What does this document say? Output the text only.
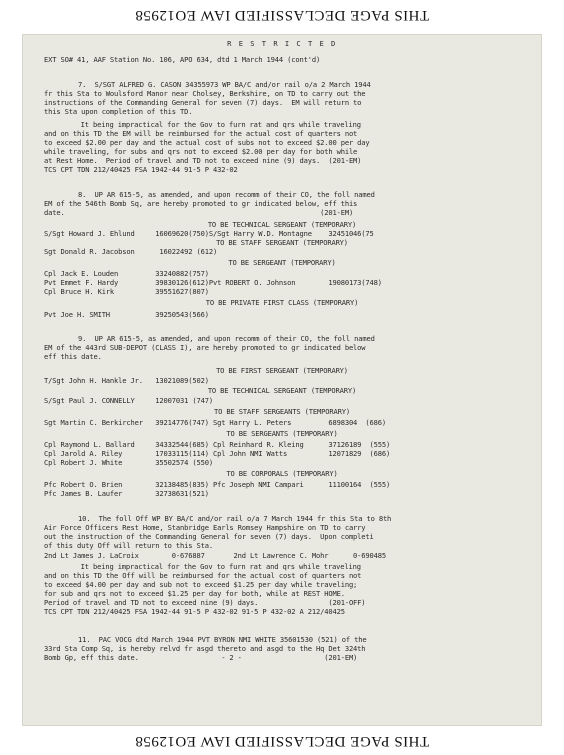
THIS PAGE DECLASSIFIED IAW EO12958
R E S T R I C T E D
EXT SO# 41, AAF Station No. 106, APO 634, dtd 1 March 1944 (cont'd)
7.  S/SGT ALFRED G. CASON 34355973 WP BA/C and/or rail o/a 2 March 1944
fr this Sta to Woulsford Manor near Cholsey, Berkshire, on TD to carry out the
instructions of the Commanding General for seven (7) days.  EM will return to
this Sta upon completion of this TD.
It being impractical for the Gov to furn rat and qrs while traveling
and on this TD the EM will be reimbursed for the actual cost of quarters not
to exceed $2.00 per day and the actual cost of subs not to exceed $2.00 per day
while traveling, for subs and qrs not to exceed $2.00 per day for both while
at Rest Home.  Period of travel and TD not to exceed nine (9) days.  (201-EM)
TCS CPT TDN 212/40425 FSA 1942-44 91-5 P 432-02
8.  UP AR 615-5, as amended, and upon recomm of their CO, the foll named
EM of the 546th Bomb Sq, are hereby promoted to gr indicated below, eff this
date.                                                              (201-EM)
TO BE TECHNICAL SERGEANT (TEMPORARY)
S/Sgt Howard J. Ehlund     16069620(750)S/Sgt Harry W.D. Montagne    32451046(75
TO BE STAFF SERGEANT (TEMPORARY)
Sgt Donald R. Jacobson      16022492 (612)
TO BE SERGEANT (TEMPORARY)
Cpl Jack E. Louden         33240882(757)
Pvt Emmet F. Hardy         39830126(612)Pvt ROBERT O. Johnson        19080173(748)
Cpl Bruce H. Kirk          39551627(807)
TO BE PRIVATE FIRST CLASS (TEMPORARY)
Pvt Joe H. SMITH           39250543(566)
9.  UP AR 615-5, as amended, and upon recomm of their CO, the foll named
EM of the 443rd SUB-DEPOT (CLASS I), are hereby promoted to gr indicated below
eff this date.
TO BE FIRST SERGEANT (TEMPORARY)
T/Sgt John H. Hankle Jr.   13021089(502)
TO BE TECHNICAL SERGEANT (TEMPORARY)
S/Sgt Paul J. CONNELLY     12007031 (747)
TO BE STAFF SERGEANTS (TEMPORARY)
Sgt Martin C. Berkircher   39214776(747) Sgt Harry L. Peters         6898304  (686)
TO BE SERGEANTS (TEMPORARY)
Cpl Raymond L. Ballard     34332544(685) Cpl Reinhard R. Kleing      37126189  (555)
Cpl Jarold A. Riley        17033115(114) Cpl John NMI Watts          12071829  (686)
Cpl Robert J. White        35502574 (550)
TO BE CORPORALS (TEMPORARY)
Pfc Robert O. Brien        32138485(835) Pfc Joseph NMI Campari      11100164  (555)
Pfc James B. Laufer        32738631(521)
10.  The foll Off WP BY BA/C and/or rail o/a 7 March 1944 fr this Sta to 8th
Air Force Officers Rest Home, Stanbridge Earls Romsey Hampshire on TD to carry
out the instruction of the Commanding General for seven (7) days.  Upon completi
of this duty Off will return to this Sta.
2nd Lt James J. LaCroix        0-676887       2nd Lt Lawrence C. Mohr      0-690485
It being impractical for the Gov to furn rat and qrs while traveling
and on this TD the Off will be reimbursed for the actual cost of quarters not
to exceed $4.00 per day and sub not to exceed $1.25 per day while traveling;
for sub and qrs not to exceed $1.25 per day for both, while at REST HOME.
Period of travel and TD not to exceed nine (9) days.                 (201-OFF)
TCS CPT TDN 212/40425 FSA 1942-44 91-5 P 432-02 91-5 P 432-02 A 212/40425
11.  PAC VOCG dtd March 1944 PVT BYRON NMI WHITE 35601530 (521) of the
33rd Sta Comp Sq, is hereby relvd fr asgd thereto and asgd to the Hq Det 324th
Bomb Gp, eff this date.                    - 2 -                    (201-EM)
THIS PAGE DECLASSIFIED IAW EO12958
